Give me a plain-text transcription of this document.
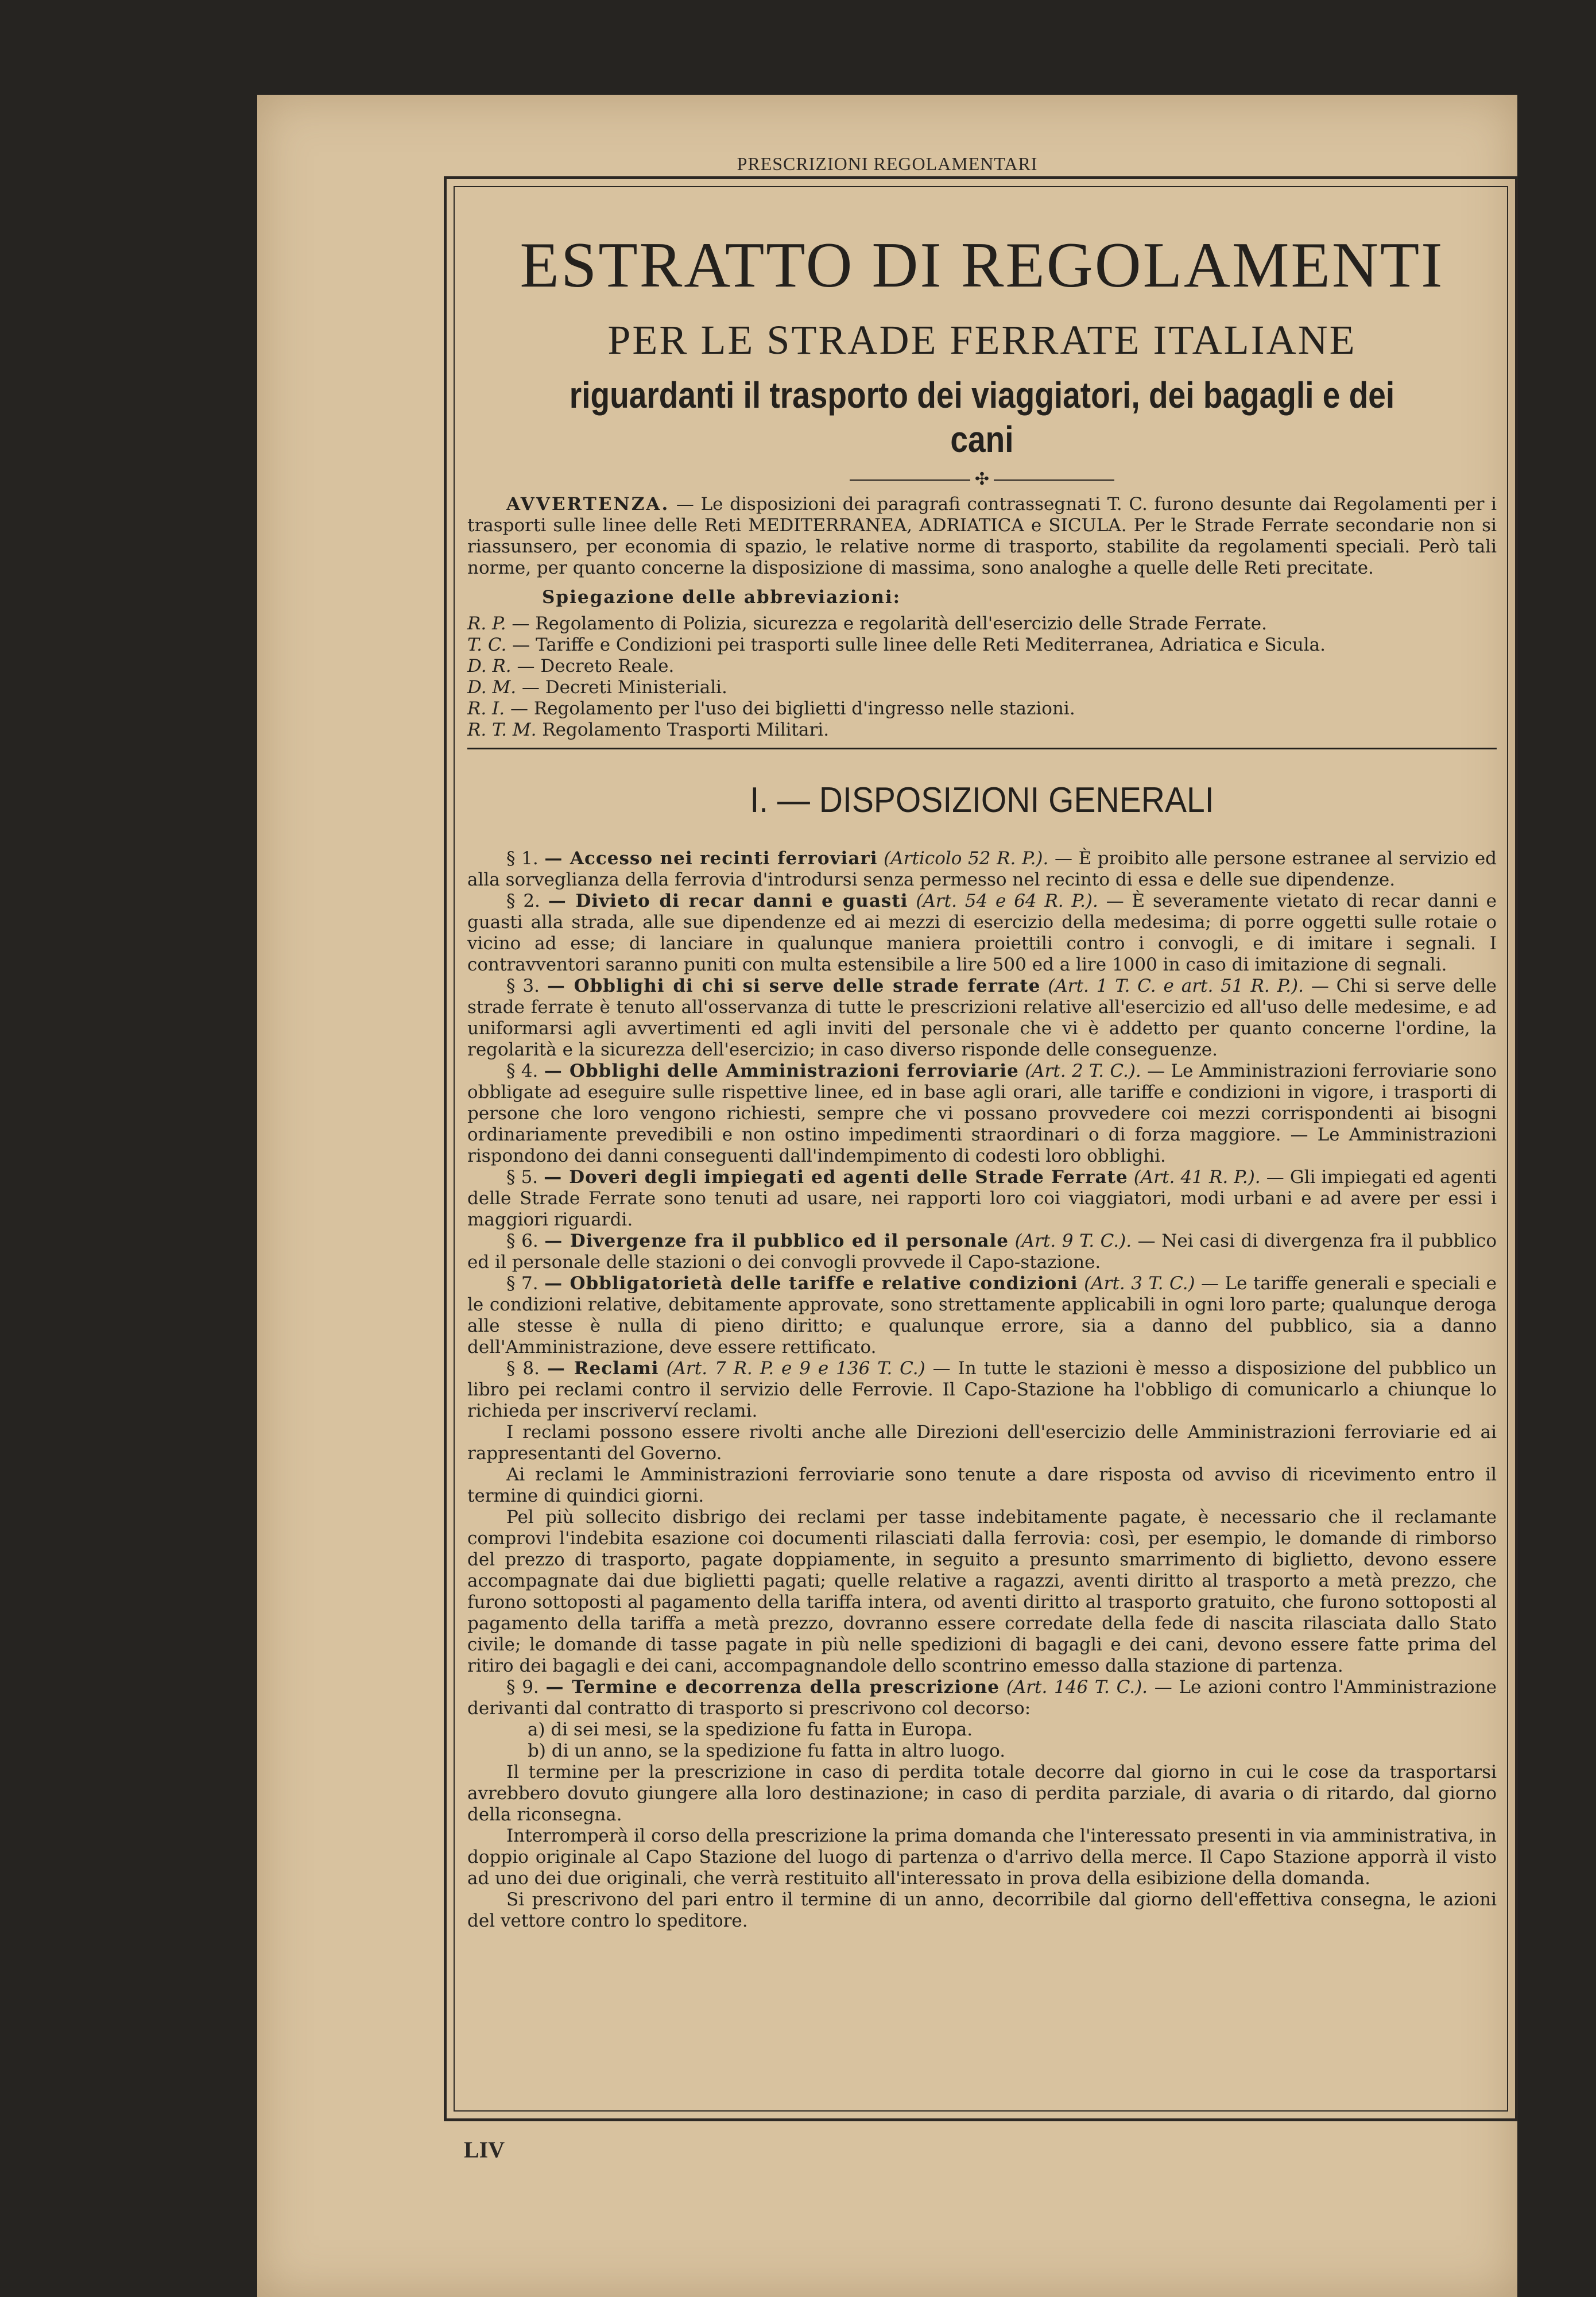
PRESCRIZIONI REGOLAMENTARI
ESTRATTO DI REGOLAMENTI
PER LE STRADE FERRATE ITALIANE
riguardanti il trasporto dei viaggiatori, dei bagagli e dei cani
✣

AVVERTENZA. — Le disposizioni dei paragrafi contrassegnati T. C. furono desunte dai Regolamenti per i trasporti sulle linee delle Reti MEDITERRANEA, ADRIATICA e SICULA. Per le Strade Ferrate secondarie non si riassunsero, per economia di spazio, le relative norme di trasporto, stabilite da regolamenti speciali. Però tali norme, per quanto concerne la disposizione di massima, sono analoghe a quelle delle Reti precitate.

Spiegazione delle abbreviazioni:
R. P. — Regolamento di Polizia, sicurezza e regolarità dell'esercizio delle Strade Ferrate.
T. C. — Tariffe e Condizioni pei trasporti sulle linee delle Reti Mediterranea, Adriatica e Sicula.
D. R. — Decreto Reale.
D. M. — Decreti Ministeriali.
R. I. — Regolamento per l'uso dei biglietti d'ingresso nelle stazioni.
R. T. M. Regolamento Trasporti Militari.
I. — DISPOSIZIONI GENERALI

§ 1. — Accesso nei recinti ferroviari (Articolo 52 R. P.). — È proibito alle persone estranee al servizio ed alla sorveglianza della ferrovia d'introdursi senza permesso nel recinto di essa e delle sue dipendenze.

§ 2. — Divieto di recar danni e guasti (Art. 54 e 64 R. P.). — È severamente vietato di recar danni e guasti alla strada, alle sue dipendenze ed ai mezzi di esercizio della medesima; di porre oggetti sulle rotaie o vicino ad esse; di lanciare in qualunque maniera proiettili contro i convogli, e di imitare i segnali. I contravventori saranno puniti con multa estensibile a lire 500 ed a lire 1000 in caso di imitazione di segnali.

§ 3. — Obblighi di chi si serve delle strade ferrate (Art. 1 T. C. e art. 51 R. P.). — Chi si serve delle strade ferrate è tenuto all'osservanza di tutte le prescrizioni relative all'esercizio ed all'uso delle medesime, e ad uniformarsi agli avvertimenti ed agli inviti del personale che vi è addetto per quanto concerne l'ordine, la regolarità e la sicurezza dell'esercizio; in caso diverso risponde delle conseguenze.

§ 4. — Obblighi delle Amministrazioni ferroviarie (Art. 2 T. C.). — Le Amministrazioni ferroviarie sono obbligate ad eseguire sulle rispettive linee, ed in base agli orari, alle tariffe e condizioni in vigore, i trasporti di persone che loro vengono richiesti, sempre che vi possano provvedere coi mezzi corrispondenti ai bisogni ordinariamente prevedibili e non ostino impedimenti straordinari o di forza maggiore. — Le Amministrazioni rispondono dei danni conseguenti dall'indempimento di codesti loro obblighi.

§ 5. — Doveri degli impiegati ed agenti delle Strade Ferrate (Art. 41 R. P.). — Gli impiegati ed agenti delle Strade Ferrate sono tenuti ad usare, nei rapporti loro coi viaggiatori, modi urbani e ad avere per essi i maggiori riguardi.

§ 6. — Divergenze fra il pubblico ed il personale (Art. 9 T. C.). — Nei casi di divergenza fra il pubblico ed il personale delle stazioni o dei convogli provvede il Capo-stazione.

§ 7. — Obbligatorietà delle tariffe e relative condizioni (Art. 3 T. C.) — Le tariffe generali e speciali e le condizioni relative, debitamente approvate, sono strettamente applicabili in ogni loro parte; qualunque deroga alle stesse è nulla di pieno diritto; e qualunque errore, sia a danno del pubblico, sia a danno dell'Amministrazione, deve essere rettificato.

§ 8. — Reclami (Art. 7 R. P. e 9 e 136 T. C.) — In tutte le stazioni è messo a disposizione del pubblico un libro pei reclami contro il servizio delle Ferrovie. Il Capo-Stazione ha l'obbligo di comunicarlo a chiunque lo richieda per inscriverví reclami.

I reclami possono essere rivolti anche alle Direzioni dell'esercizio delle Amministrazioni ferroviarie ed ai rappresentanti del Governo.

Ai reclami le Amministrazioni ferroviarie sono tenute a dare risposta od avviso di ricevimento entro il termine di quindici giorni.

Pel più sollecito disbrigo dei reclami per tasse indebitamente pagate, è necessario che il reclamante comprovi l'indebita esazione coi documenti rilasciati dalla ferrovia: così, per esempio, le domande di rimborso del prezzo di trasporto, pagate doppiamente, in seguito a presunto smarrimento di biglietto, devono essere accompagnate dai due biglietti pagati; quelle relative a ragazzi, aventi diritto al trasporto a metà prezzo, che furono sottoposti al pagamento della tariffa intera, od aventi diritto al trasporto gratuito, che furono sottoposti al pagamento della tariffa a metà prezzo, dovranno essere corredate della fede di nascita rilasciata dallo Stato civile; le domande di tasse pagate in più nelle spedizioni di bagagli e dei cani, devono essere fatte prima del ritiro dei bagagli e dei cani, accompagnandole dello scontrino emesso dalla stazione di partenza.

§ 9. — Termine e decorrenza della prescrizione (Art. 146 T. C.). — Le azioni contro l'Amministrazione derivanti dal contratto di trasporto si prescrivono col decorso:

a) di sei mesi, se la spedizione fu fatta in Europa.
b) di un anno, se la spedizione fu fatta in altro luogo.

Il termine per la prescrizione in caso di perdita totale decorre dal giorno in cui le cose da trasportarsi avrebbero dovuto giungere alla loro destinazione; in caso di perdita parziale, di avaria o di ritardo, dal giorno della riconsegna.

Interromperà il corso della prescrizione la prima domanda che l'interessato presenti in via amministrativa, in doppio originale al Capo Stazione del luogo di partenza o d'arrivo della merce. Il Capo Stazione apporrà il visto ad uno dei due originali, che verrà restituito all'interessato in prova della esibizione della domanda.

Si prescrivono del pari entro il termine di un anno, decorribile dal giorno dell'effettiva consegna, le azioni del vettore contro lo speditore.

LIV
